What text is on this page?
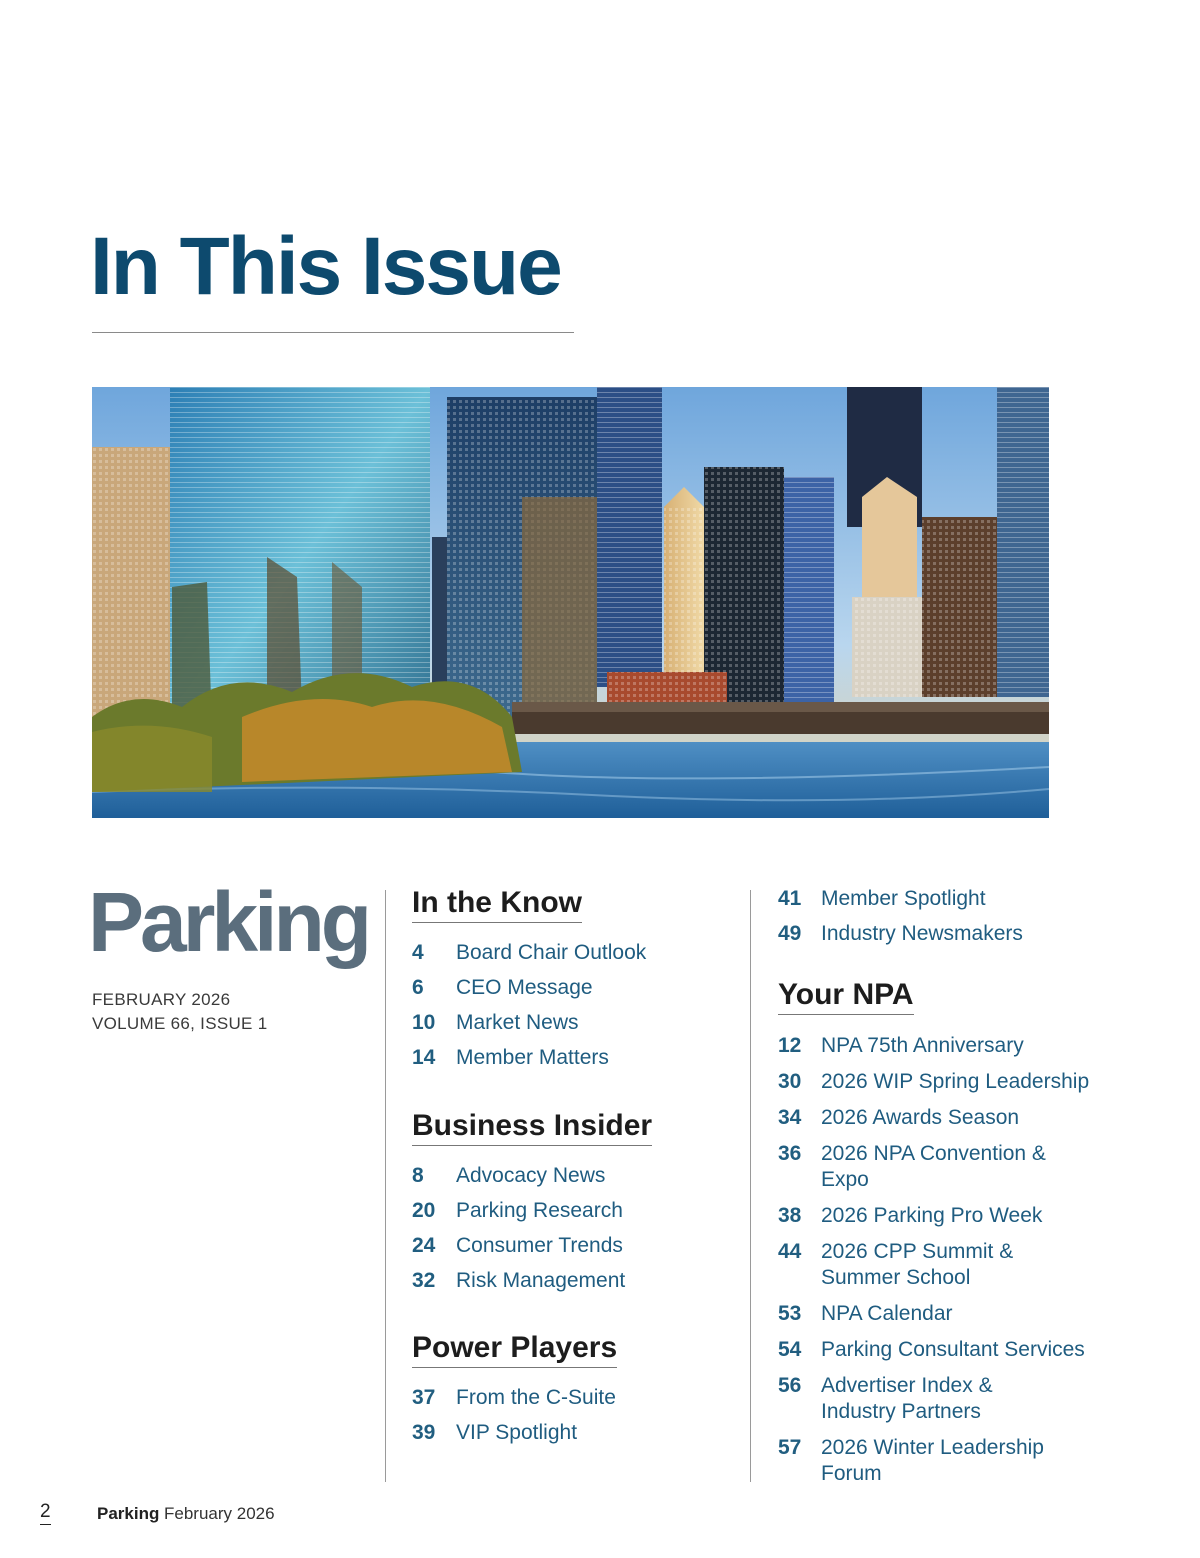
In This Issue
Parking
FEBRUARY 2026
VOLUME 66, ISSUE 1
In the Know
4	Board Chair Outlook
6	CEO Message
10 Market News
14 Member Matters
Business Insider
8	Advocacy News
20 Parking Research
24 Consumer Trends
32 Risk Management
Power Players
37 From the C-Suite
39 VIP Spotlight
41 Member Spotlight
49 Industry Newsmakers
Your NPA
12 NPA 75th Anniversary
30 2026 WIP Spring Leadership
34 2026 Awards Season
36 2026 NPA Convention & Expo
38 2026 Parking Pro Week
44 2026 CPP Summit & Summer School
53 NPA Calendar
54 Parking Consultant Services
56 Advertiser Index & Industry Partners
57 2026 Winter Leadership Forum
2	Parking February 2026
